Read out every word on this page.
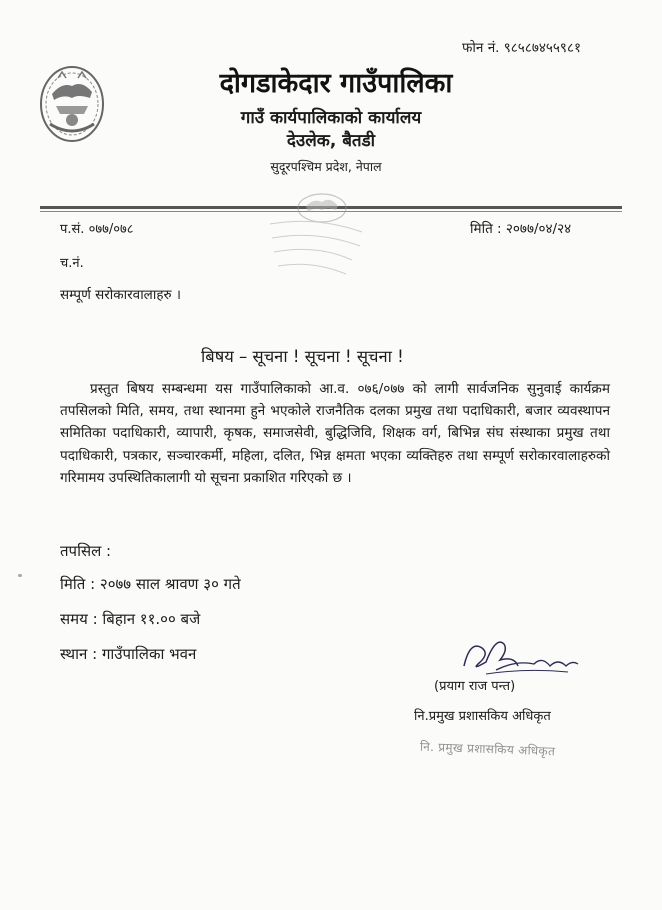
फोन नं. ९८५८७४५५९८१
दोगडाकेदार गाउँपालिका
गाउँ कार्यपालिकाको कार्यालय
देउलेक, बैतडी
सुदूरपश्चिम प्रदेश, नेपाल
प.सं. ०७७/०७८	मिति : २०७७/०४/२४
च.नं.
सम्पूर्ण सरोकारवालाहरु ।
बिषय – सूचना ! सूचना ! सूचना !
प्रस्तुत बिषय सम्बन्धमा यस गाउँपालिकाको आ.व. ०७६/०७७ को लागी सार्वजनिक सुनुवाई कार्यक्रम तपसिलको मिति, समय, तथा स्थानमा हुने भएकोले राजनैतिक दलका प्रमुख तथा पदाधिकारी, बजार व्यवस्थापन समितिका पदाधिकारी, व्यापारी, कृषक, समाजसेवी, बुद्धिजिवि, शिक्षक वर्ग, बिभिन्न संघ संस्थाका प्रमुख तथा पदाधिकारी, पत्रकार, सञ्चारकर्मी, महिला, दलित, भिन्न क्षमता भएका व्यक्तिहरु तथा सम्पूर्ण सरोकारवालाहरुको गरिमामय उपस्थितिकालागी यो सूचना प्रकाशित गरिएको छ ।
तपसिल :
मिति : २०७७ साल श्रावण ३० गते
समय : बिहान ११.०० बजे
स्थान : गाउँपालिका भवन
(प्रयाग राज पन्त)
नि.प्रमुख प्रशासकिय अधिकृत
नि. प्रमुख प्रशासकिय अधिकृत
